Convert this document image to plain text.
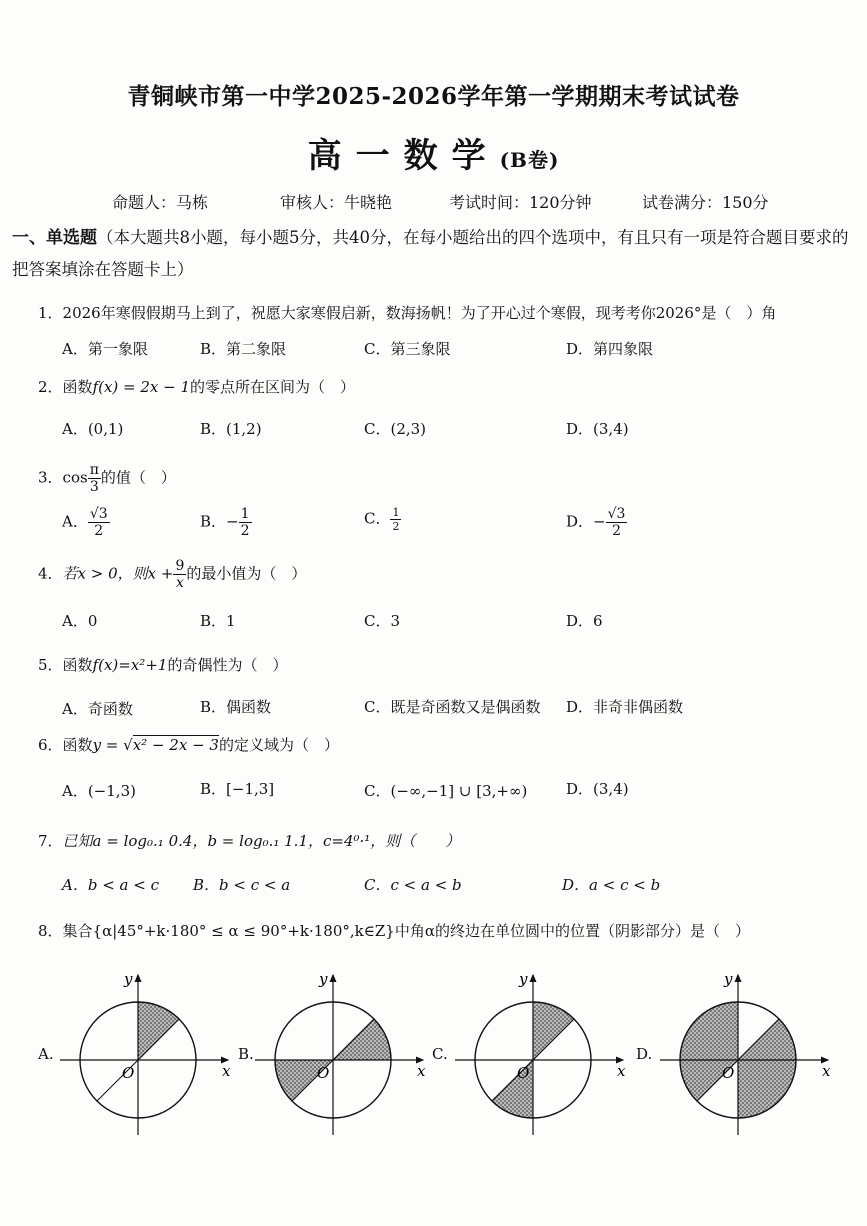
青铜峡市第一中学2025-2026学年第一学期期末考试试卷
高一数学(B卷)
命题人：马栋	审核人：牛晓艳	考试时间：120分钟	试卷满分：150分
一、单选题（本大题共8小题，每小题5分，共40分，在每小题给出的四个选项中，有且只有一项是符合题目要求的把答案填涂在答题卡上）
1．2026年寒假假期马上到了，祝愿大家寒假启新，数海扬帆！为了开心过个寒假，现考考你2026°是（　）角
A．第一象限	B．第二象限	C．第三象限	D．第四象限
2．函数f(x) = 2x − 1的零点所在区间为（　）
A．(0,1)	B．(1,2)	C．(2,3)	D．(3,4)
3．$\cos \frac{\pi}{3}$ 的值（　）
A． $\frac{√3}{2}$	B．− $\frac{1}{2}$	C． $\frac{1}{2}$	D．− $\frac{√3}{2}$
4．若x > 0，则$x + \frac{9}{x}$ 的最小值为（　）
A．0	B．1	C．3	D．6
5．函数f(x)=x²+1的奇偶性为（　）
A．奇函数	B．偶函数	C．既是奇函数又是偶函数 D．非奇非偶函数
6．函数y = √x² − 2x − 3的定义域为（　）
A．(−1,3)	B．[−1,3]	C．(−∞,−1] ∪ [3,+∞)	D．(3,4)
7．已知a = log₀.₁ 0.4，b = log₀.₁ 1.1，c=4⁰·¹，则（　　）
A．b < a < c B．b < c < a	C．c < a < b	D．a < c < b
8．集合{α|45°+k·180° ≤ α ≤ 90°+k·180°,k∈Z}中角α的终边在单位圆中的位置（阴影部分）是（　）
A.	B.	C.	D.
x
y
O	x
y
O	x
y
O	x
y
O
